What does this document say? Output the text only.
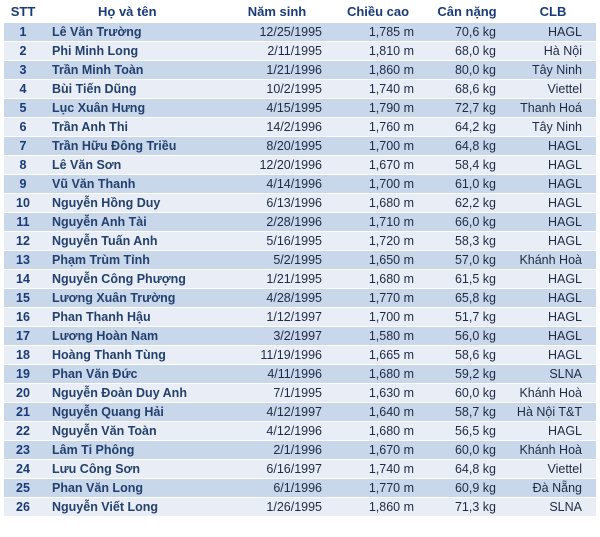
STT	Họ và tên	Năm sinh	Chiều cao	Cân nặng	CLB
1	Lê Văn Trường	12/25/1995	1,785 m	70,6 kg	HAGL
2	Phi Minh Long	2/11/1995	1,810 m	68,0 kg	Hà Nội
3	Trần Minh Toàn	1/21/1996	1,860 m	80,0 kg	Tây Ninh
4	Bùi Tiến Dũng	10/2/1995	1,740 m	68,6 kg	Viettel
5	Lục Xuân Hưng	4/15/1995	1,790 m	72,7 kg	Thanh Hoá
6	Trần Anh Thi	14/2/1996	1,760 m	64,2 kg	Tây Ninh
7	Trần Hữu Đông Triều	8/20/1995	1,700 m	64,8 kg	HAGL
8	Lê Văn Sơn	12/20/1996	1,670 m	58,4 kg	HAGL
9	Vũ Văn Thanh	4/14/1996	1,700 m	61,0 kg	HAGL
10	Nguyễn Hồng Duy	6/13/1996	1,680 m	62,2 kg	HAGL
11	Nguyễn Anh Tài	2/28/1996	1,710 m	66,0 kg	HAGL
12	Nguyễn Tuấn Anh	5/16/1995	1,720 m	58,3 kg	HAGL
13	Phạm Trùm Tỉnh	5/2/1995	1,650 m	57,0 kg	Khánh Hoà
14	Nguyễn Công Phượng	1/21/1995	1,680 m	61,5 kg	HAGL
15	Lương Xuân Trường	4/28/1995	1,770 m	65,8 kg	HAGL
16	Phan Thanh Hậu	1/12/1997	1,700 m	51,7 kg	HAGL
17	Lương Hoàn Nam	3/2/1997	1,580 m	56,0 kg	HAGL
18	Hoàng Thanh Tùng	11/19/1996	1,665 m	58,6 kg	HAGL
19	Phan Văn Đức	4/11/1996	1,680 m	59,2 kg	SLNA
20	Nguyễn Đoàn Duy Anh	7/1/1995	1,630 m	60,0 kg	Khánh Hoà
21	Nguyễn Quang Hải	4/12/1997	1,640 m	58,7 kg	Hà Nội T&T
22	Nguyễn Văn Toàn	4/12/1996	1,680 m	56,5 kg	HAGL
23	Lâm Ti Phông	2/1/1996	1,670 m	60,0 kg	Khánh Hoà
24	Lưu Công Sơn	6/16/1997	1,740 m	64,8 kg	Viettel
25	Phan Văn Long	6/1/1996	1,770 m	60,9 kg	Đà Nẵng
26	Nguyễn Viết Long	1/26/1995	1,860 m	71,3 kg	SLNA
